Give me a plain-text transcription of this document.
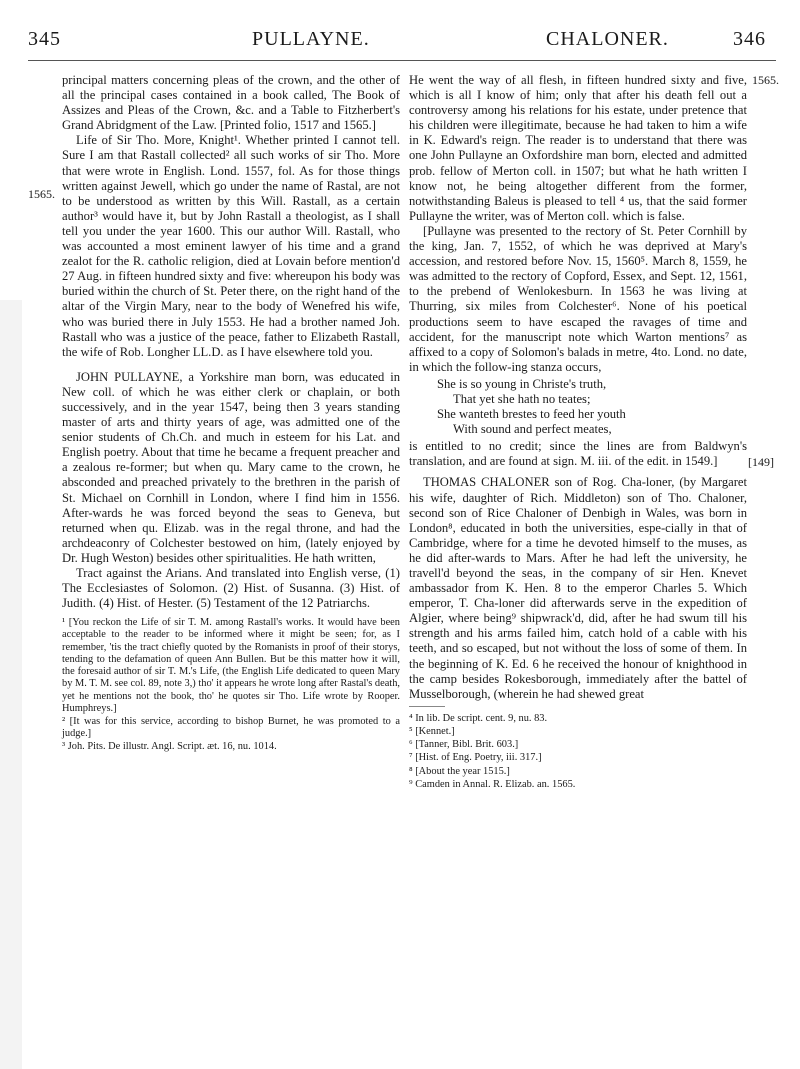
345	PULLAYNE.	CHALONER.	346
1565.
1565.
[149]

principal matters concerning pleas of the crown, and the other of all the principal cases contained in a book called, The Book of Assizes and Pleas of the Crown, &c. and a Table to Fitzherbert's Grand Abridgment of the Law. [Printed folio, 1517 and 1565.]

Life of Sir Tho. More, Knight¹. Whether printed I cannot tell. Sure I am that Rastall collected² all such works of sir Tho. More that were wrote in English. Lond. 1557, fol. As for those things written against Jewell, which go under the name of Rastal, are not to be understood as written by this Will. Rastall, as a certain author³ would have it, but by John Rastall a theologist, as I shall tell you under the year 1600. This our author Will. Rastall, who was accounted a most eminent lawyer of his time and a grand zealot for the R. catholic religion, died at Lovain before mention'd 27 Aug. in fifteen hundred sixty and five: whereupon his body was buried within the church of St. Peter there, on the right hand of the altar of the Virgin Mary, near to the body of Wenefred his wife, who was buried there in July 1553. He had a brother named Joh. Rastall who was a justice of the peace, father to Elizabeth Rastall, the wife of Rob. Longher LL.D. as I have elsewhere told you.

JOHN PULLAYNE, a Yorkshire man born, was educated in New coll. of which he was either clerk or chaplain, or both successively, and in the year 1547, being then 3 years standing master of arts and thirty years of age, was admitted one of the senior students of Ch.Ch. and much in esteem for his Lat. and English poetry. About that time he became a frequent preacher and a zealous re-former; but when qu. Mary came to the crown, he absconded and preached privately to the brethren in the parish of St. Michael on Cornhill in London, where I find him in 1556. After-wards he was forced beyond the seas to Geneva, but returned when qu. Elizab. was in the regal throne, and had the archdeaconry of Colchester bestowed on him, (lately enjoyed by Dr. Hugh Weston) besides other spiritualities. He hath written,

Tract against the Arians. And translated into English verse, (1) The Ecclesiastes of Solomon. (2) Hist. of Susanna. (3) Hist. of Judith. (4) Hist. of Hester. (5) Testament of the 12 Patriarchs.

¹ [You reckon the Life of sir T. M. among Rastall's works. It would have been acceptable to the reader to be informed where it might be seen; for, as I remember, 'tis the tract chiefly quoted by the Romanists in proof of their storys, tending to the defamation of queen Ann Bullen. But be this matter how it will, the foresaid author of sir T. M.'s Life, (the English Life dedicated to queen Mary by M. T. M. see col. 89, note 3,) tho' it appears he wrote long after Rastal's death, yet he mentions not the book, tho' he quotes sir Tho. Life wrote by Rooper. Humphreys.]

² [It was for this service, according to bishop Burnet, he was promoted to a judge.]

³ Joh. Pits. De illustr. Angl. Script. æt. 16, nu. 1014.

He went the way of all flesh, in fifteen hundred sixty and five, which is all I know of him; only that after his death fell out a controversy among his relations for his estate, under pretence that his children were illegitimate, because he had taken to him a wife in K. Edward's reign. The reader is to understand that there was one John Pullayne an Oxfordshire man born, elected and admitted prob. fellow of Merton coll. in 1507; but what he hath written I know not, he being altogether different from the former, notwithstanding Baleus is pleased to tell ⁴ us, that the said former Pullayne the writer, was of Merton coll. which is false.

[Pullayne was presented to the rectory of St. Peter Cornhill by the king, Jan. 7, 1552, of which he was deprived at Mary's accession, and restored before Nov. 15, 1560⁵. March 8, 1559, he was admitted to the rectory of Copford, Essex, and Sept. 12, 1561, to the prebend of Wenlokesburn. In 1563 he was living at Thurring, six miles from Colchester⁶. None of his poetical productions seem to have escaped the ravages of time and accident, for the manuscript note which Warton mentions⁷ as affixed to a copy of Solomon's balads in metre, 4to. Lond. no date, in which the follow-ing stanza occurs,

She is so young in Christe's truth,
That yet she hath no teates;
She wanteth brestes to feed her youth
With sound and perfect meates,

is entitled to no credit; since the lines are from Baldwyn's translation, and are found at sign. M. iii. of the edit. in 1549.]

THOMAS CHALONER son of Rog. Cha-loner, (by Margaret his wife, daughter of Rich. Middleton) son of Tho. Chaloner, second son of Rice Chaloner of Denbigh in Wales, was born in London⁸, educated in both the universities, espe-cially in that of Cambridge, where for a time he devoted himself to the muses, as he did after-wards to Mars. After he had left the university, he travell'd beyond the seas, in the company of sir Hen. Knevet ambassador from K. Hen. 8 to the emperor Charles 5. Which emperor, T. Cha-loner did afterwards serve in the expedition of Algier, where being⁹ shipwrack'd, did, after he had swum till his strength and his arms failed him, catch hold of a cable with his teeth, and so escaped, but not without the loss of some of them. In the beginning of K. Ed. 6 he received the honour of knighthood in the camp besides Rokesborough, immediately after the battel of Musselborough, (wherein he had shewed great

⁴ In lib. De script. cent. 9, nu. 83.

⁵ [Kennet.]

⁶ [Tanner, Bibl. Brit. 603.]

⁷ [Hist. of Eng. Poetry, iii. 317.]

⁸ [About the year 1515.]

⁹ Camden in Annal. R. Elizab. an. 1565.
